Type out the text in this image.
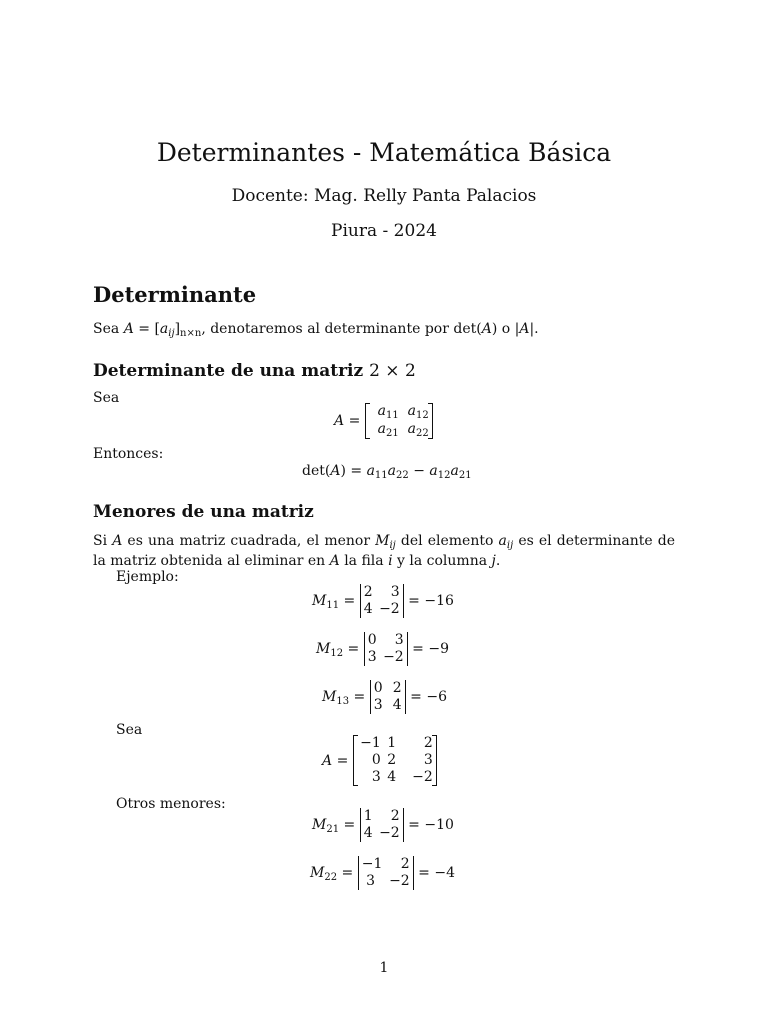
Determinantes - Matemática Básica
Docente: Mag. Relly Panta Palacios
Piura - 2024
Determinante
Sea $A = [a_{ij}]_{n\times n}$, denotaremos al determinante por det(A) o |A|.
Determinante de una matriz 2 × 2
Sea
A =
$a_{11}$ $a_{12}$
$a_{21}$ $a_{22}$
Entonces:
$\det(A) = a_{11}a_{22} - a_{12}a_{21}$
Menores de una matriz
Si A es una matriz cuadrada, el menor $M_{ij}$ del elemento $a_{ij}$ es el determinante de la matriz obtenida al eliminar en A la fila i y la columna j.
Ejemplo:
$M_{11}$ =
2	3
4 −2 = −16
$M_{12}$ =
0	3
3 −2 = −9
$M_{13}$ =
0 2
3 4 = −6
Sea
A =
−1 1	2
0 2	3
3 4	−2
Otros menores:
$M_{21}$ =
1	2
4 −2 = −10
$M_{22}$ =
−1	2
3	−2 = −4
1
